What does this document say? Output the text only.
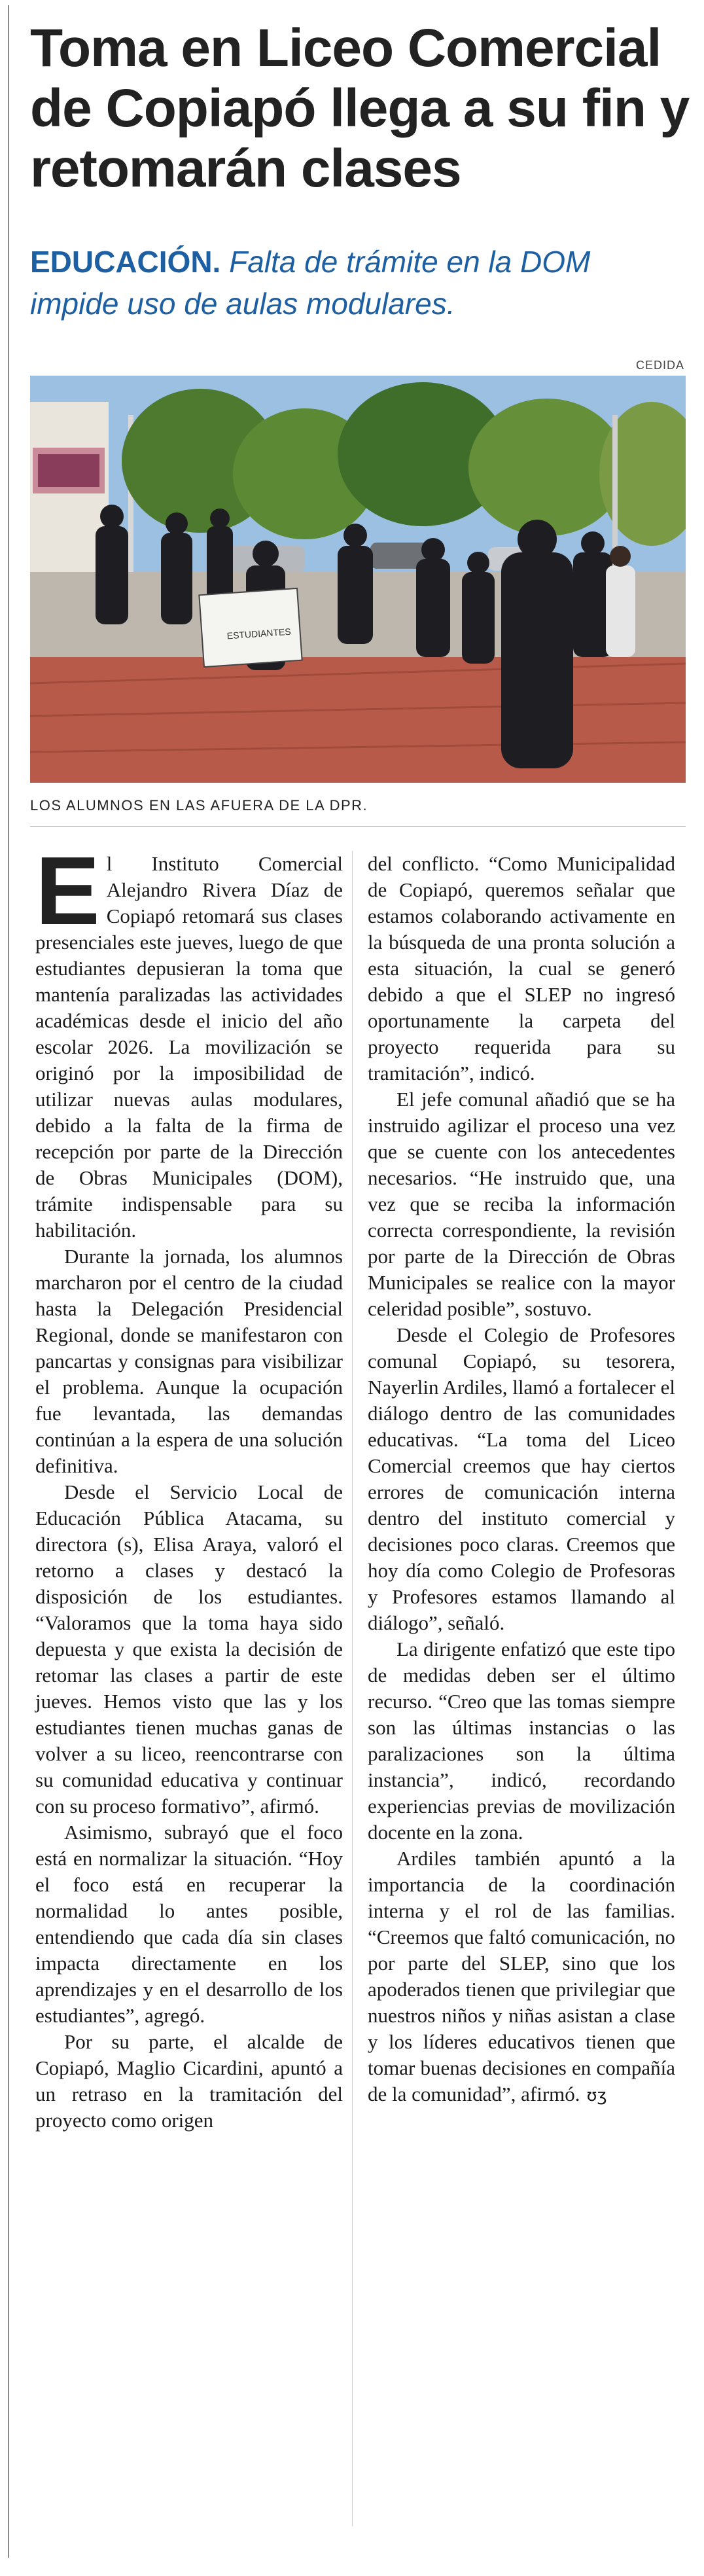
Toma en Liceo Comercial
de Copiapó llega a su fin y
retomarán clases
EDUCACIÓN. Falta de trámite en la DOM
impide uso de aulas modulares.
CEDIDA
ESTUDIANTES
LOS ALUMNOS EN LAS AFUERA DE LA DPR.

El Instituto Comercial Alejandro Rivera Díaz de Copiapó retomará sus clases presenciales este jueves, luego de que estudiantes depusieran la toma que mantenía paralizadas las actividades académicas desde el inicio del año escolar 2026. La movilización se originó por la imposibilidad de utilizar nuevas aulas modulares, debido a la falta de la firma de recepción por parte de la Dirección de Obras Municipales (DOM), trámite indispensable para su habilitación.

Durante la jornada, los alumnos marcharon por el centro de la ciudad hasta la Delegación Presidencial Regional, donde se manifestaron con pancartas y consignas para visibilizar el problema. Aunque la ocupación fue levantada, las demandas continúan a la espera de una solución definitiva.

Desde el Servicio Local de Educación Pública Atacama, su directora (s), Elisa Araya, valoró el retorno a clases y destacó la disposición de los estudiantes. “Valoramos que la toma haya sido depuesta y que exista la decisión de retomar las clases a partir de este jueves. Hemos visto que las y los estudiantes tienen muchas ganas de volver a su liceo, reencontrarse con su comunidad educativa y continuar con su proceso formativo”, afirmó.

Asimismo, subrayó que el foco está en normalizar la situación. “Hoy el foco está en recuperar la normalidad lo antes posible, entendiendo que cada día sin clases impacta directamente en los aprendizajes y en el desarrollo de los estudiantes”, agregó.

Por su parte, el alcalde de Copiapó, Maglio Cicardini, apuntó a un retraso en la tramitación del proyecto como origen

del conflicto. “Como Municipalidad de Copiapó, queremos señalar que estamos colaborando activamente en la búsqueda de una pronta solución a esta situación, la cual se generó debido a que el SLEP no ingresó oportunamente la carpeta del proyecto requerida para su tramitación”, indicó.

El jefe comunal añadió que se ha instruido agilizar el proceso una vez que se cuente con los antecedentes necesarios. “He instruido que, una vez que se reciba la información correcta correspondiente, la revisión por parte de la Dirección de Obras Municipales se realice con la mayor celeridad posible”, sostuvo.

Desde el Colegio de Profesores comunal Copiapó, su tesorera, Nayerlin Ardiles, llamó a fortalecer el diálogo dentro de las comunidades educativas. “La toma del Liceo Comercial creemos que hay ciertos errores de comunicación interna dentro del instituto comercial y decisiones poco claras. Creemos que hoy día como Colegio de Profesoras y Profesores estamos llamando al diálogo”, señaló.

La dirigente enfatizó que este tipo de medidas deben ser el último recurso. “Creo que las tomas siempre son las últimas instancias o las paralizaciones son la última instancia”, indicó, recordando experiencias previas de movilización docente en la zona.

Ardiles también apuntó a la importancia de la coordinación interna y el rol de las familias. “Creemos que faltó comunicación, no por parte del SLEP, sino que los apoderados tienen que privilegiar que nuestros niños y niñas asistan a clase y los líderes educativos tienen que tomar buenas decisiones en compañía de la comunidad”, afirmó. ʊʒ
